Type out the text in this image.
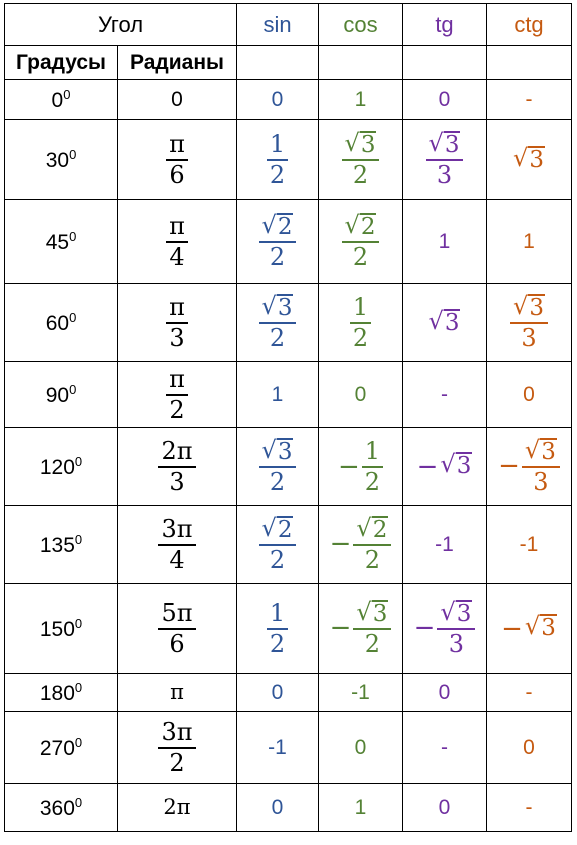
Угол		sin	cos	tg	ctg
Градусы	Радианы				
$0^0$	0	0	1	0	-
$30^0$	$\frac{\pi}{6}$	$\frac{1}{2}$	$\frac{√ 3}{2}$	$\frac{√ 3}{3}$	√ 3

$45^0$	$\frac{\pi}{4}$	$\frac{√ 2}{2}$	$\frac{√ 2}{2}$	1	1
$60^0$	$\frac{\pi}{3}$	$\frac{√ 3}{2}$	$\frac{1}{2}$	√ 3	$\frac{√ 3}{3}$

$90^0$	$\frac{\pi}{2}$	1	0	-	0
$120^0$	$\frac{2\pi}{3}$	$\frac{√ 3}{2}$	− $\frac{1}{2}$	− √ 3	− $\frac{√ 3}{3}$

$135^0$	$\frac{3\pi}{4}$	$\frac{√ 2}{2}$	− $\frac{√ 2}{2}$	-1	-1
$150^0$	$\frac{5\pi}{6}$	$\frac{1}{2}$	− $\frac{√ 3}{2}$	− $\frac{√ 3}{3}$	− √ 3

$180^0$	π	0	-1	0	-
$270^0$	$\frac{3\pi}{2}$	-1	0	-	0
$360^0$	2π	0	1	0	-
